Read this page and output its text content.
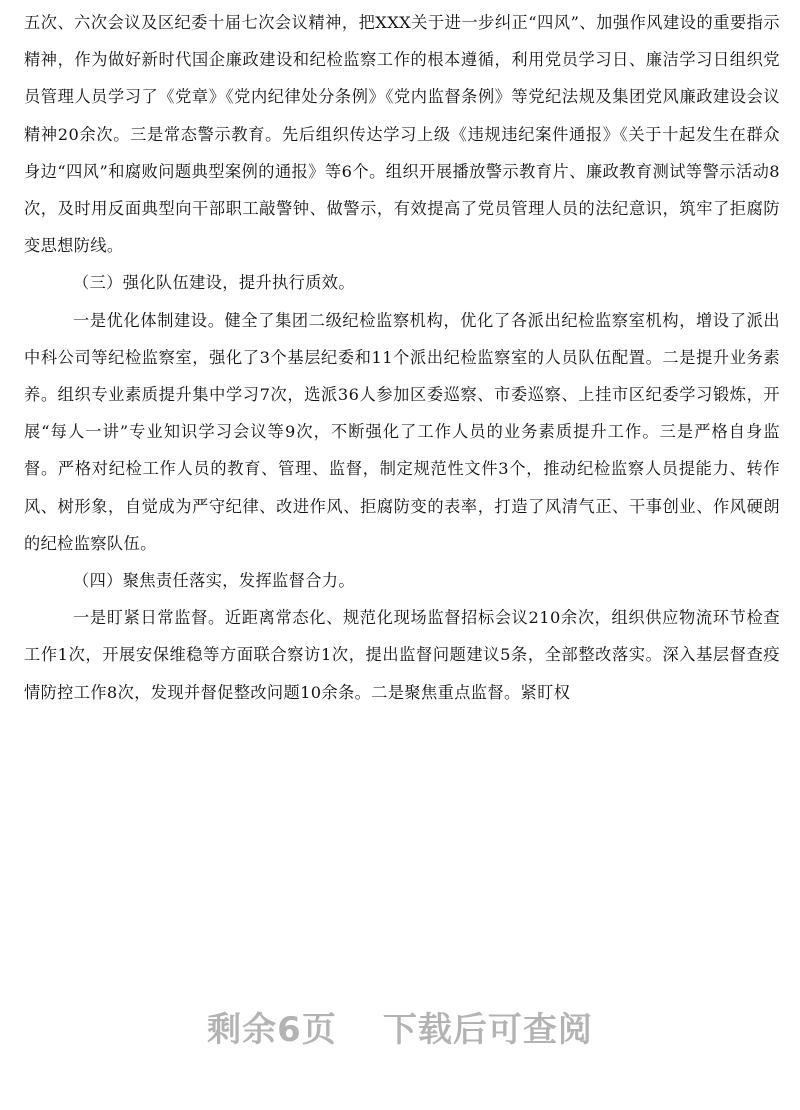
五次、六次会议及区纪委十届七次会议精神，把XXX关于进一步纠正“四风”、加强作风建设的重要指示精神，作为做好新时代国企廉政建设和纪检监察工作的根本遵循，利用党员学习日、廉洁学习日组织党员管理人员学习了《党章》《党内纪律处分条例》《党内监督条例》等党纪法规及集团党风廉政建设会议精神20余次。三是常态警示教育。先后组织传达学习上级《违规违纪案件通报》《关于十起发生在群众身边“四风”和腐败问题典型案例的通报》等6个。组织开展播放警示教育片、廉政教育测试等警示活动8次，及时用反面典型向干部职工敲警钟、做警示，有效提高了党员管理人员的法纪意识，筑牢了拒腐防变思想防线。

（三）强化队伍建设，提升执行质效。

一是优化体制建设。健全了集团二级纪检监察机构，优化了各派出纪检监察室机构，增设了派出中科公司等纪检监察室，强化了3个基层纪委和11个派出纪检监察室的人员队伍配置。二是提升业务素养。组织专业素质提升集中学习7次，选派36人参加区委巡察、市委巡察、上挂市区纪委学习锻炼，开展“每人一讲”专业知识学习会议等9次，不断强化了工作人员的业务素质提升工作。三是严格自身监督。严格对纪检工作人员的教育、管理、监督，制定规范性文件3个，推动纪检监察人员提能力、转作风、树形象，自觉成为严守纪律、改进作风、拒腐防变的表率，打造了风清气正、干事创业、作风硬朗的纪检监察队伍。

（四）聚焦责任落实，发挥监督合力。

一是盯紧日常监督。近距离常态化、规范化现场监督招标会议210余次，组织供应物流环节检查工作1次，开展安保维稳等方面联合察访1次，提出监督问题建议5条，全部整改落实。深入基层督查疫情防控工作8次，发现并督促整改问题10余条。二是聚焦重点监督。紧盯权

剩余6页 下载后可查阅
